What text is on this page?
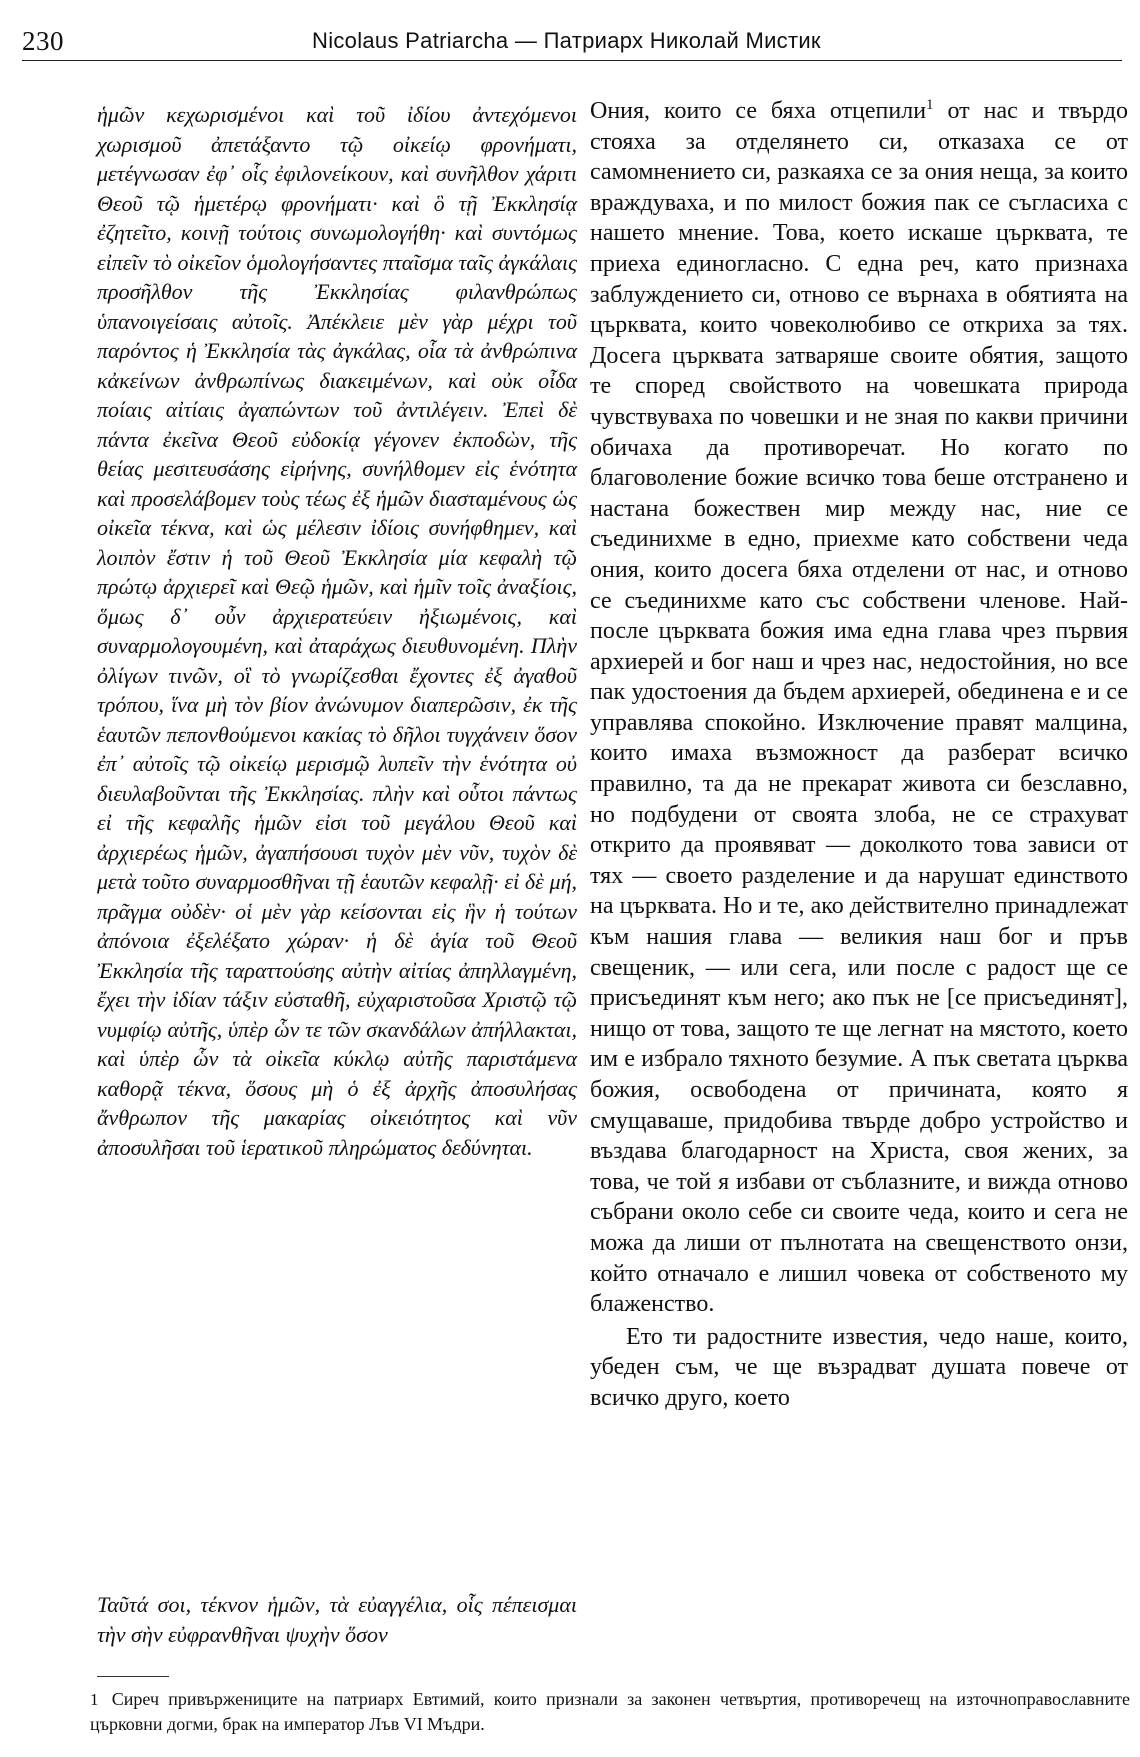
230	Nicolaus Patriarcha — Патриарх Николай Мистик

ἡμῶν κεχωρισμένοι καὶ τοῦ ἰδίου ἀντεχόμενοι χωρισμοῦ ἀπετάξαντο τῷ οἰκείῳ φρονήματι, μετέγνωσαν ἐφ᾽ οἷς ἐφιλονείκουν, καὶ συνῆλθον χάριτι Θεοῦ τῷ ἡμετέρῳ φρονήματι· καὶ ὃ τῇ Ἐκκλησίᾳ ἐζητεῖτο, κοινῇ τούτοις συνωμολογήθη· καὶ συντόμως εἰπεῖν τὸ οἰκεῖον ὁμολογήσαντες πταῖσμα ταῖς ἀγκάλαις προσῆλθον τῆς Ἐκκλησίας φιλανθρώπως ὑπανοιγείσαις αὐτοῖς. Ἀπέκλειε μὲν γὰρ μέχρι τοῦ παρόντος ἡ Ἐκκλησία τὰς ἀγκάλας, οἷα τὰ ἀνθρώπινα κἀκείνων ἀνθρωπίνως διακειμένων, καὶ οὐκ οἶδα ποίαις αἰτίαις ἀγαπώντων τοῦ ἀντιλέγειν. Ἐπεὶ δὲ πάντα ἐκεῖνα Θεοῦ εὐδοκίᾳ γέγονεν ἐκποδὼν, τῆς θείας μεσιτευσάσης εἰρήνης, συνήλθομεν εἰς ἑνότητα καὶ προσελάβομεν τοὺς τέως ἐξ ἡμῶν διασταμένους ὡς οἰκεῖα τέκνα, καὶ ὡς μέλεσιν ἰδίοις συνήφθημεν, καὶ λοιπὸν ἔστιν ἡ τοῦ Θεοῦ Ἐκκλησία μία κεφαλὴ τῷ πρώτῳ ἀρχιερεῖ καὶ Θεῷ ἡμῶν, καὶ ἡμῖν τοῖς ἀναξίοις, ὅμως δ᾽ οὖν ἀρχιερατεύειν ἠξιωμένοις, καὶ συναρμολογουμένη, καὶ ἀταράχως διευθυνομένη. Πλὴν ὀλίγων τινῶν, οἳ τὸ γνωρίζεσθαι ἔχοντες ἐξ ἀγαθοῦ τρόπου, ἵνα μὴ τὸν βίον ἀνώνυμον διαπερῶσιν, ἐκ τῆς ἑαυτῶν πεπονθούμενοι κακίας τὸ δῆλοι τυγχάνειν ὅσον ἐπ᾽ αὐτοῖς τῷ οἰκείῳ μερισμῷ λυπεῖν τὴν ἑνότητα οὐ διευλαβοῦνται τῆς Ἐκκλησίας. πλὴν καὶ οὗτοι πάντως εἰ τῆς κεφαλῆς ἡμῶν εἰσι τοῦ μεγάλου Θεοῦ καὶ ἀρχιερέως ἡμῶν, ἀγαπήσουσι τυχὸν μὲν νῦν, τυχὸν δὲ μετὰ τοῦτο συναρμοσθῆναι τῇ ἑαυτῶν κεφαλῇ· εἰ δὲ μή, πρᾶγμα οὐδὲν· οἱ μὲν γὰρ κείσονται εἰς ἣν ἡ τούτων ἀπόνοια ἐξελέξατο χώραν· ἡ δὲ ἁγία τοῦ Θεοῦ Ἐκκλησία τῆς ταραττούσης αὐτὴν αἰτίας ἀπηλλαγμένη, ἔχει τὴν ἰδίαν τάξιν εὐσταθῆ, εὐχαριστοῦσα Χριστῷ τῷ νυμφίῳ αὐτῆς, ὑπὲρ ὧν τε τῶν σκανδάλων ἀπήλλακται, καὶ ὑπὲρ ὧν τὰ οἰκεῖα κύκλῳ αὐτῆς παριστάμενα καθορᾷ τέκνα, ὅσους μὴ ὁ ἐξ ἀρχῆς ἀποσυλήσας ἄνθρωπον τῆς μακαρίας οἰκειότητος καὶ νῦν ἀποσυλῆσαι τοῦ ἱερατικοῦ πληρώματος δεδύνηται.

Ταῦτά σοι, τέκνον ἡμῶν, τὰ εὐαγγέλια, οἷς πέπεισμαι τὴν σὴν εὐφρανθῆναι ψυχὴν ὅσον

Ония, които се бяха отцепили$^1$ от нас и твърдо стояха за отделянето си, отказаха се от самомнението си, разкаяха се за ония неща, за които враждуваха, и по милост божия пак се съгласиха с нашето мнение. Това, което искаше църквата, те приеха единогласно. С една реч, като признаха заблуждението си, отново се върнаха в обятията на църквата, които човеколюбиво се откриха за тях. Досега църквата затваряше своите обятия, защото те според свойството на човешката природа чувствуваха по човешки и не зная по какви причини обичаха да противоречат. Но когато по благоволение божие всичко това беше отстранено и настана божествен мир между нас, ние се съединихме в едно, приехме като собствени чеда ония, които досега бяха отделени от нас, и отново се съединихме като със собствени членове. Най-после църквата божия има една глава чрез първия архиерей и бог наш и чрез нас, недостойния, но все пак удостоения да бъдем архиерей, обединена е и се управлява спокойно. Изключение правят малцина, които имаха възможност да разберат всичко правилно, та да не прекарат живота си безславно, но подбудени от своята злоба, не се страхуват открито да проявяват — доколкото това зависи от тях — своето разделение и да нарушат единството на църквата. Но и те, ако действително принадлежат към нашия глава — великия наш бог и пръв свещеник, — или сега, или после с радост ще се присъединят към него; ако пък не [се присъединят], нищо от това, защото те ще легнат на мястото, което им е избрало тяхното безумие. А пък светата църква божия, освободена от причината, която я смущаваше, придобива твърде добро устройство и въздава благодарност на Христа, своя жених, за това, че той я избави от съблазните, и вижда отново събрани около себе си своите чеда, които и сега не можа да лиши от пълнотата на свещенството онзи, който отначало е лишил човека от собственото му блаженство.

Ето ти радостните известия, чедо наше, които, убеден съм, че ще възрадват душата повече от всичко друго, което

1 Сиреч привържениците на патриарх Евтимий, които признали за законен четвъртия, противоречещ на източноправославните църковни догми, брак на император Лъв VI Мъдри.
